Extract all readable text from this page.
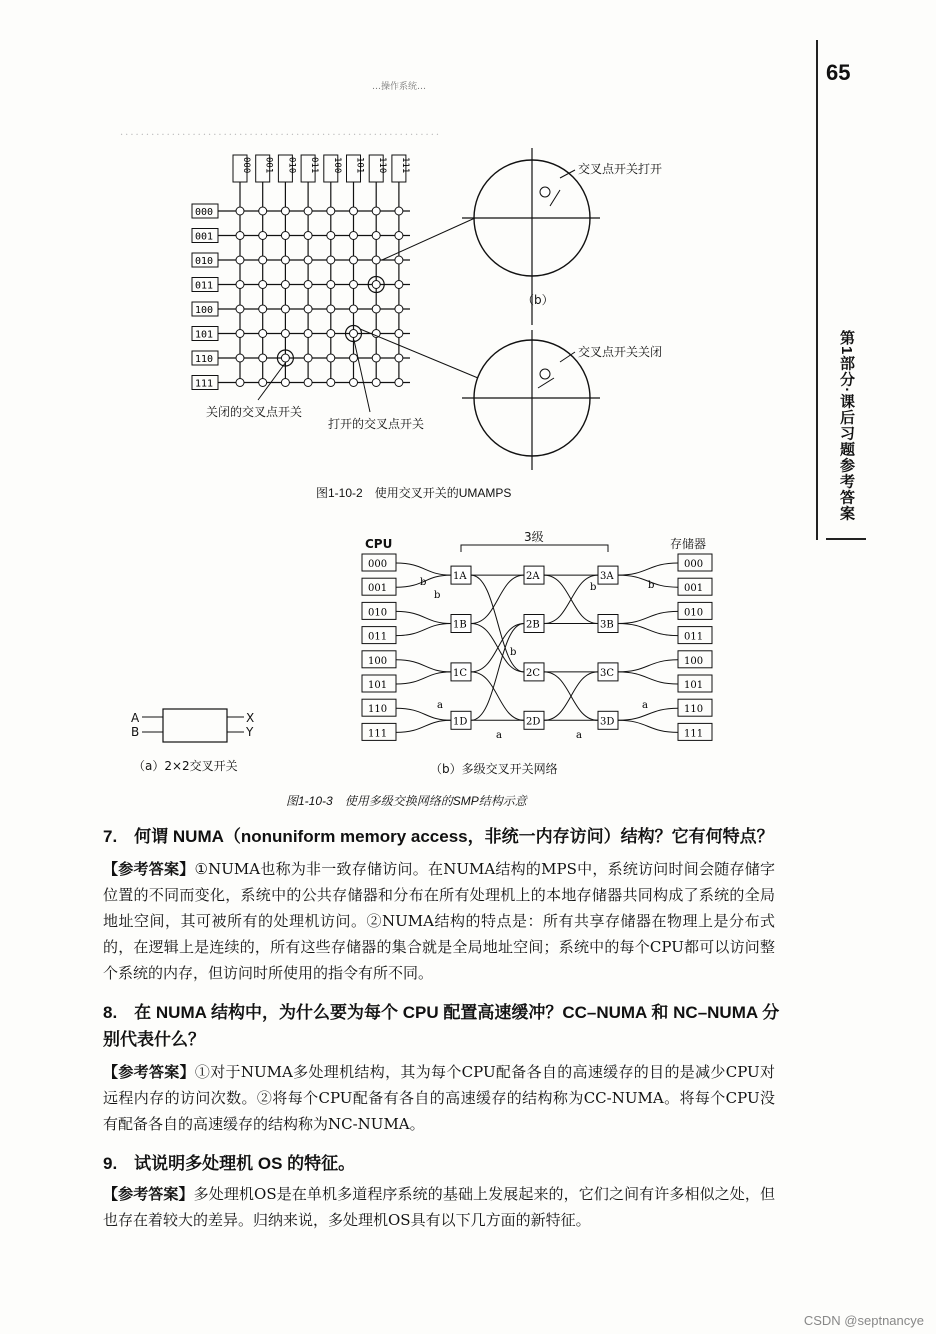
…操作系统…
65
第1部分·课后习题参考答案
······························································
000
001
010
011
100
101
110
111
000 001 010 011 100 101 110 111
关闭的交叉点开关
打开的交叉点开关
交叉点开关打开
交叉点开关关闭
（b）
图1-10-2　使用交叉开关的UMAMPS
000
001
010
011
100
101
110
111
000
001
010
011
100
101
110
111
1A
1B
1C
1D
2A
2B
2C
2D
3A
3B
3C
3D
b
b
b
a
a	a
a
b
b
CPU	存储器
3级
A
B
X
Y
（a）2×2交叉开关	（b）多级交叉开关网络
图1-10-3　使用多级交换网络的SMP结构示意
7.　何谓 NUMA（nonuniform memory access，非统一内存访问）结构？它有何特点？
【参考答案】①NUMA也称为非一致存储访问。在NUMA结构的MPS中，系统访问时间会随存储字位置的不同而变化，系统中的公共存储器和分布在所有处理机上的本地存储器共同构成了系统的全局地址空间，其可被所有的处理机访问。②NUMA结构的特点是：所有共享存储器在物理上是分布式的，在逻辑上是连续的，所有这些存储器的集合就是全局地址空间；系统中的每个CPU都可以访问整个系统的内存，但访问时所使用的指令有所不同。
8.　在 NUMA 结构中，为什么要为每个 CPU 配置高速缓冲？CC–NUMA 和 NC–NUMA 分别代表什么？
【参考答案】①对于NUMA多处理机结构，其为每个CPU配备各自的高速缓存的目的是减少CPU对远程内存的访问次数。②将每个CPU配备有各自的高速缓存的结构称为CC-NUMA。将每个CPU没有配备各自的高速缓存的结构称为NC-NUMA。
9.　试说明多处理机 OS 的特征。
【参考答案】多处理机OS是在单机多道程序系统的基础上发展起来的，它们之间有许多相似之处，但也存在着较大的差异。归纳来说，多处理机OS具有以下几方面的新特征。
CSDN @septnancye
